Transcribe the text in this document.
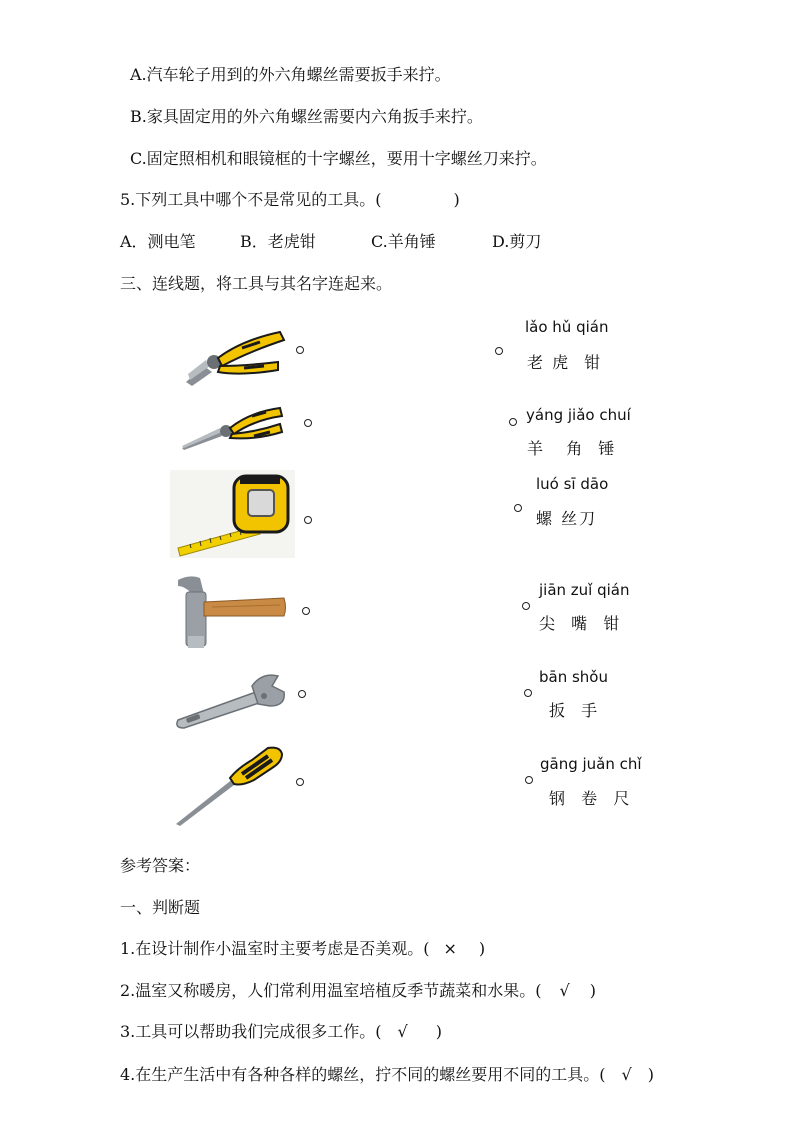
A.汽车轮子用到的外六角螺丝需要扳手来拧。
B.家具固定用的外六角螺丝需要内六角扳手来拧。
C.固定照相机和眼镜框的十字螺丝，要用十字螺丝刀来拧。
5.下列工具中哪个不是常见的工具。(	)
A．测电笔	B．老虎钳	C.羊角锤	D.剪刀
三、连线题，将工具与其名字连起来。
lǎo hǔ qián
老 虎  钳
yáng jiǎo chuí
羊   角  锤
luó sī dāo
螺 丝刀
jiān zuǐ qián
尖  嘴  钳
bān shǒu
扳  手
gāng juǎn chǐ
钢  卷  尺
参考答案：
一、判断题
1.在设计制作小温室时主要考虑是否美观。( × )
2.温室又称暖房，人们常利用温室培植反季节蔬菜和水果。( √ )
3.工具可以帮助我们完成很多工作。( √ )
4.在生产生活中有各种各样的螺丝，拧不同的螺丝要用不同的工具。( √ )
